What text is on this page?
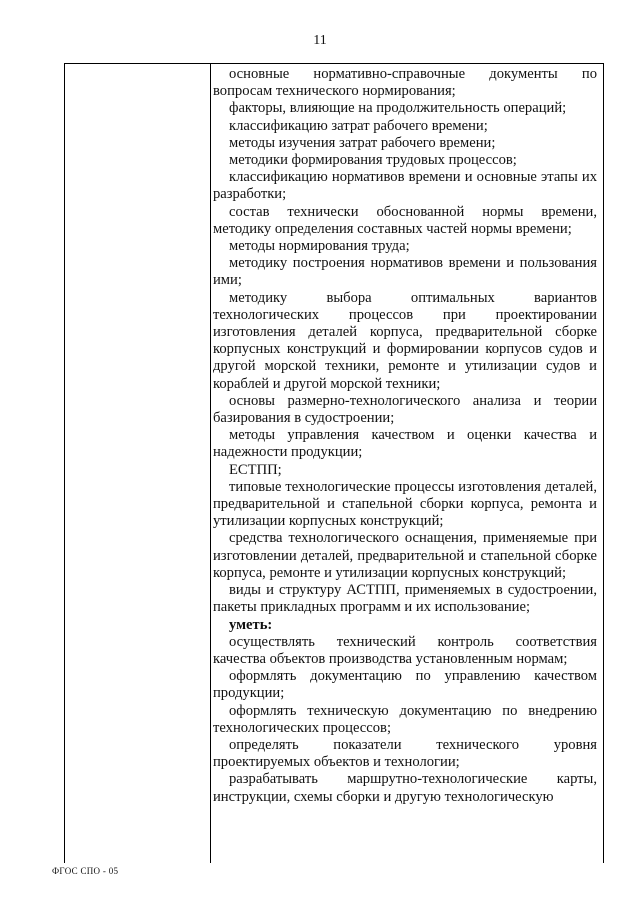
11

основные нормативно-справочные документы по вопросам технического нормирования;

факторы, влияющие на продолжительность операций;

классификацию затрат рабочего времени;

методы изучения затрат рабочего времени;

методики формирования трудовых процессов;

классификацию нормативов времени и основные этапы их разработки;

состав технически обоснованной нормы времени, методику определения составных частей нормы времени;

методы нормирования труда;

методику построения нормативов времени и пользования ими;

методику выбора оптимальных вариантов технологических процессов при проектировании изготовления деталей корпуса, предварительной сборке корпусных конструкций и формировании корпусов судов и другой морской техники, ремонте и утилизации судов и кораблей и другой морской техники;

основы размерно-технологического анализа и теории базирования в судостроении;

методы управления качеством и оценки качества и надежности продукции;

ЕСТПП;

типовые технологические процессы изготовления деталей, предварительной и стапельной сборки корпуса, ремонта и утилизации корпусных конструкций;

средства технологического оснащения, применяемые при изготовлении деталей, предварительной и стапельной сборке корпуса, ремонте и утилизации корпусных конструкций;

виды и структуру АСТПП, применяемых в судостроении, пакеты прикладных программ и их использование;

уметь:

осуществлять технический контроль соответствия качества объектов производства установленным нормам;

оформлять документацию по управлению качеством продукции;

оформлять техническую документацию по внедрению технологических процессов;

определять показатели технического уровня проектируемых объектов и технологии;

разрабатывать маршрутно-технологические карты, инструкции, схемы сборки и другую технологическую

ФГОС СПО - 05
